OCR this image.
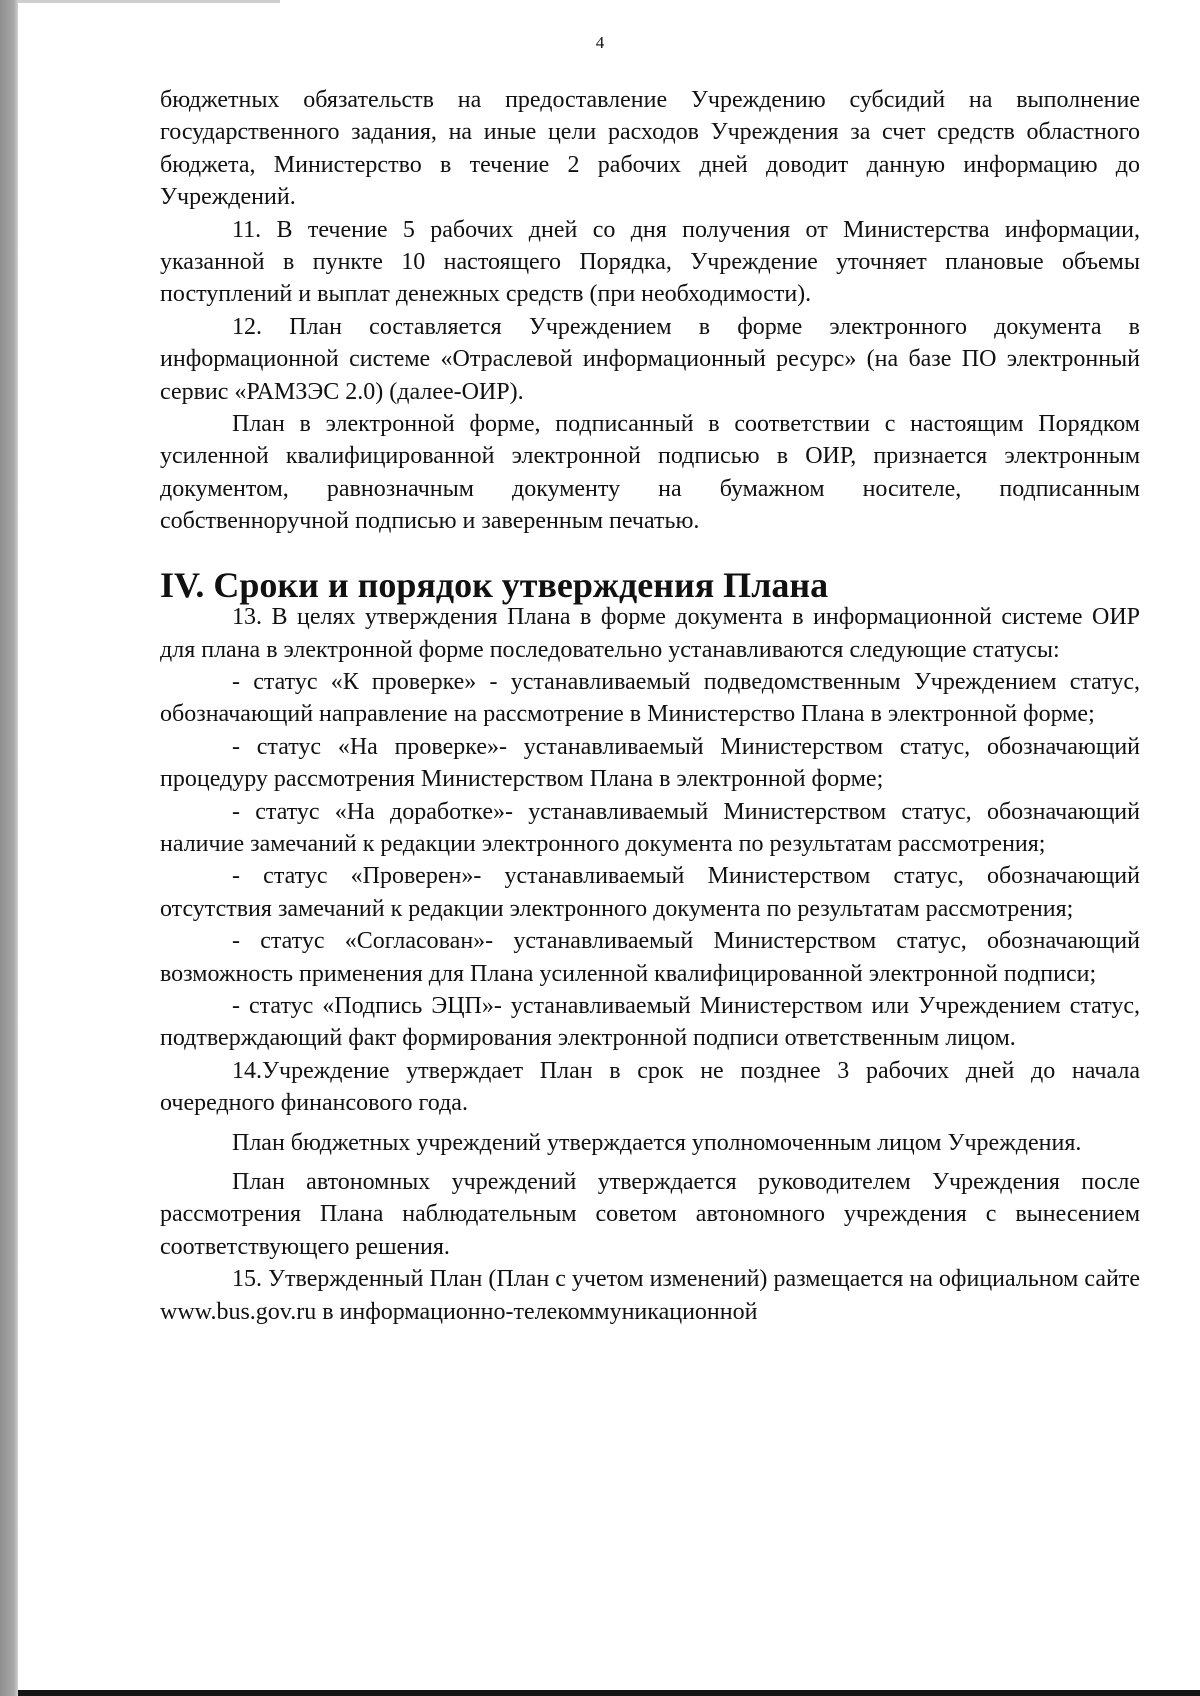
4

бюджетных обязательств на предоставление Учреждению субсидий на выполнение государственного задания, на иные цели расходов Учреждения за счет средств областного бюджета, Министерство в течение 2 рабочих дней доводит данную информацию до Учреждений.

11. В течение 5 рабочих дней со дня получения от Министерства информации, указанной в пункте 10 настоящего Порядка, Учреждение уточняет плановые объемы поступлений и выплат денежных средств (при необходимости).

12. План составляется Учреждением в форме электронного документа в информационной системе «Отраслевой информационный ресурс» (на базе ПО электронный сервис «РАМЗЭС 2.0) (далее-ОИР).

План в электронной форме, подписанный в соответствии с настоящим Порядком усиленной квалифицированной электронной подписью в ОИР, признается электронным документом, равнозначным документу на бумажном носителе, подписанным собственноручной подписью и заверенным печатью.

IV. Сроки и порядок утверждения Плана

13. В целях утверждения Плана в форме документа в информационной системе ОИР для плана в электронной форме последовательно устанавливаются следующие статусы:

- статус «К проверке» - устанавливаемый подведомственным Учреждением статус, обозначающий направление на рассмотрение в Министерство Плана в электронной форме;

- статус «На проверке»- устанавливаемый Министерством статус, обозначающий процедуру рассмотрения Министерством Плана в электронной форме;

- статус «На доработке»- устанавливаемый Министерством статус, обозначающий наличие замечаний к редакции электронного документа по результатам рассмотрения;

- статус «Проверен»- устанавливаемый Министерством статус, обозначающий отсутствия замечаний к редакции электронного документа по результатам рассмотрения;

- статус «Согласован»- устанавливаемый Министерством статус, обозначающий возможность применения для Плана усиленной квалифицированной электронной подписи;

- статус «Подпись ЭЦП»- устанавливаемый Министерством или Учреждением статус, подтверждающий факт формирования электронной подписи ответственным лицом.

14.Учреждение утверждает План в срок не позднее 3 рабочих дней до начала очередного финансового года.

План бюджетных учреждений утверждается уполномоченным лицом Учреждения.

План автономных учреждений утверждается руководителем Учреждения после рассмотрения Плана наблюдательным советом автономного учреждения с вынесением соответствующего решения.

15. Утвержденный План (План с учетом изменений) размещается на официальном сайте www.bus.gov.ru в информационно-телекоммуникационной
